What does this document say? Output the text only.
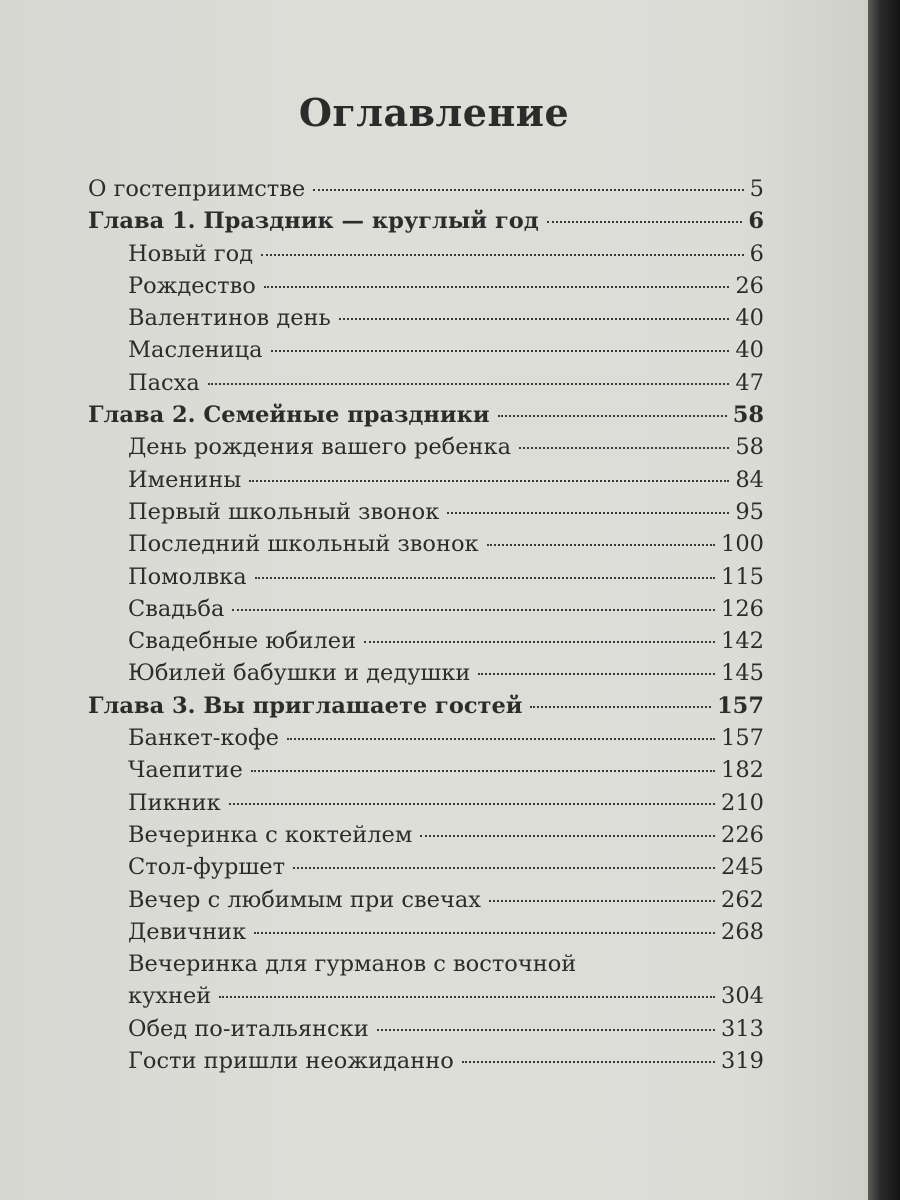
Оглавление
О гостеприимстве	5
Глава 1. Праздник — круглый год	6
Новый год	6
Рождество	26
Валентинов день	40
Масленица	40
Пасха	47
Глава 2. Семейные праздники	58
День рождения вашего ребенка	58
Именины	84
Первый школьный звонок	95
Последний школьный звонок	100
Помолвка	115
Свадьба	126
Свадебные юбилеи	142
Юбилей бабушки и дедушки	145
Глава 3. Вы приглашаете гостей	157
Банкет-кофе	157
Чаепитие	182
Пикник	210
Вечеринка с коктейлем	226
Стол-фуршет	245
Вечер с любимым при свечах	262
Девичник	268
Вечеринка для гурманов с восточной
кухней	304
Обед по-итальянски	313
Гости пришли неожиданно	319
